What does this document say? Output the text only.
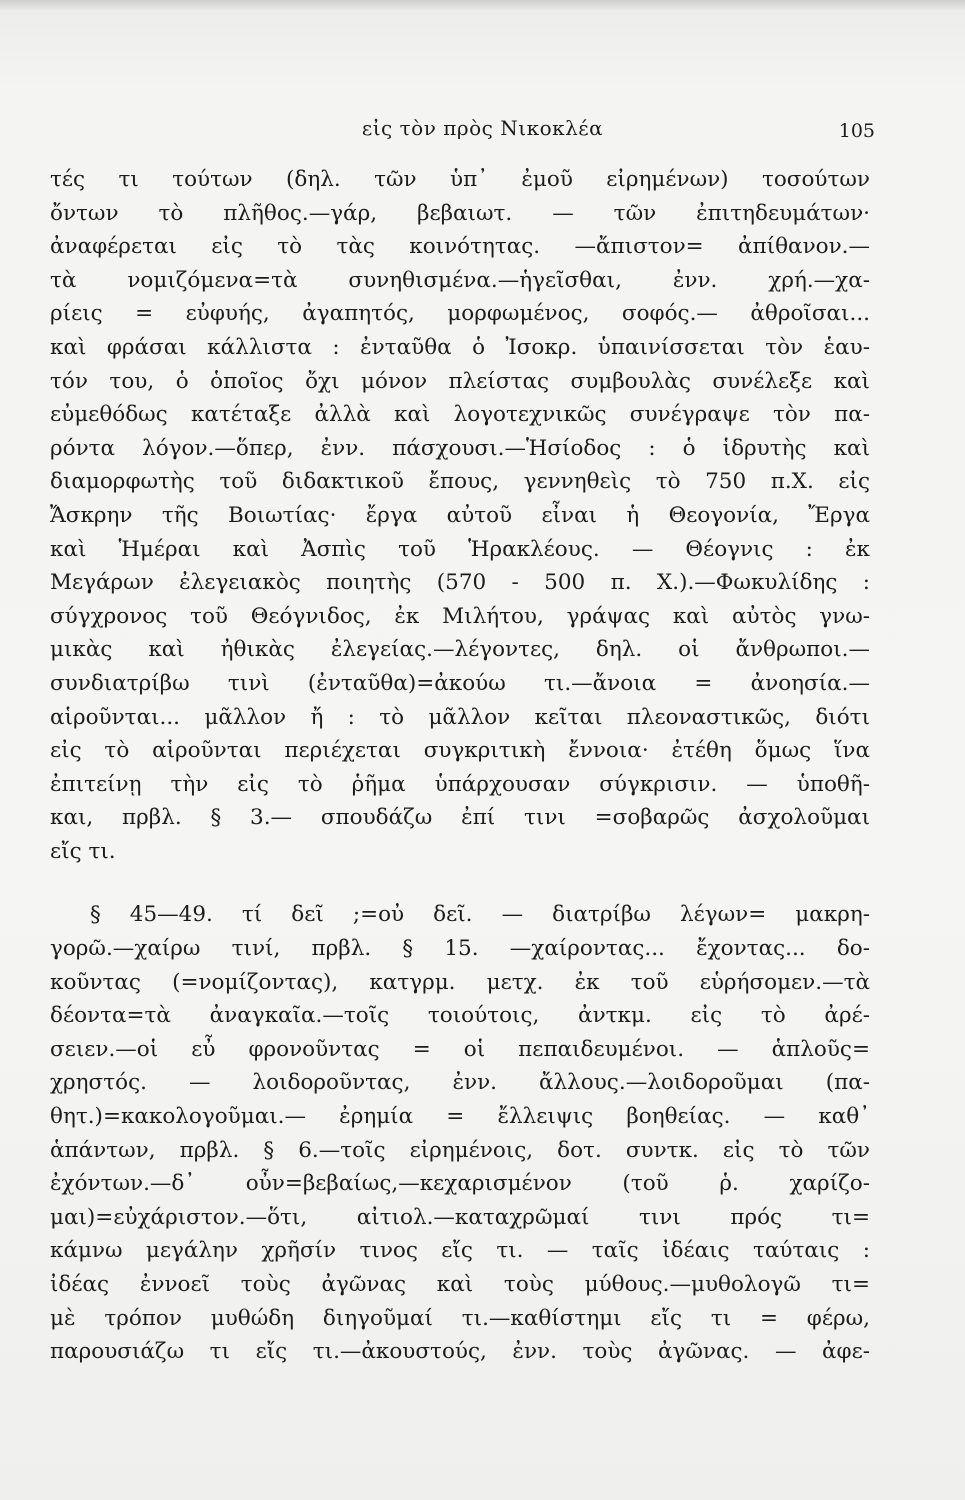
εἰς τὸν πρὸς Νικοκλέα	105
τές τι τούτων (δηλ. τῶν ὑπ᾽ ἐμοῦ εἰρημένων) τοσούτων
ὄντων τὸ πλῆθος.—γάρ, βεβαιωτ. — τῶν ἐπιτηδευμάτων·
ἀναφέρεται εἰς τὸ τὰς κοινότητας. —ἄπιστον= ἀπίθανον.—
τὰ νομιζόμενα=τὰ συνηθισμένα.—ἡγεῖσθαι, ἐνν. χρή.—χα-
ρίεις = εὐφυής, ἀγαπητός, μορφωμένος, σοφός.— ἀθροῖσαι...
καὶ φράσαι κάλλιστα : ἐνταῦθα ὁ Ἰσοκρ. ὑπαινίσσεται τὸν ἑαυ-
τόν του, ὁ ὁποῖος ὄχι μόνον πλείστας συμβουλὰς συνέλεξε καὶ
εὐμεθόδως κατέταξε ἀλλὰ καὶ λογοτεχνικῶς συνέγραψε τὸν πα-
ρόντα λόγον.—ὅπερ, ἐνν. πάσχουσι.—Ἡσίοδος : ὁ ἱδρυτὴς καὶ
διαμορφωτὴς τοῦ διδακτικοῦ ἔπους, γεννηθεὶς τὸ 750 π.Χ. εἰς
Ἄσκρην τῆς Βοιωτίας· ἔργα αὐτοῦ εἶναι ἡ Θεογονία, Ἔργα
καὶ Ἡμέραι καὶ Ἀσπὶς τοῦ Ἡρακλέους. — Θέογνις : ἐκ
Μεγάρων ἐλεγειακὸς ποιητὴς (570 - 500 π. Χ.).—Φωκυλίδης :
σύγχρονος τοῦ Θεόγνιδος, ἐκ Μιλήτου, γράψας καὶ αὐτὸς γνω-
μικὰς καὶ ἠθικὰς ἐλεγείας.—λέγοντες, δηλ. οἱ ἄνθρωποι.—
συνδιατρίβω τινὶ (ἐνταῦθα)=ἀκούω τι.—ἄνοια = ἀνοησία.—
αἱροῦνται... μᾶλλον ἤ : τὸ μᾶλλον κεῖται πλεοναστικῶς, διότι
εἰς τὸ αἱροῦνται περιέχεται συγκριτικὴ ἔννοια· ἐτέθη ὅμως ἵνα
ἐπιτείνῃ τὴν εἰς τὸ ῥῆμα ὑπάρχουσαν σύγκρισιν. — ὑποθῆ-
και, πρβλ. § 3.— σπουδάζω ἐπί τινι =σοβαρῶς ἀσχολοῦμαι
εἴς τι.
§ 45—49. τί δεῖ ;=οὐ δεῖ. — διατρίβω λέγων= μακρη-
γορῶ.—χαίρω τινί, πρβλ. § 15. —χαίροντας... ἔχοντας... δο-
κοῦντας (=νομίζοντας), κατγρμ. μετχ. ἐκ τοῦ εὑρήσομεν.—τὰ
δέοντα=τὰ ἀναγκαῖα.—τοῖς τοιούτοις, ἀντκμ. εἰς τὸ ἀρέ-
σειεν.—οἱ εὖ φρονοῦντας = οἱ πεπαιδευμένοι. — ἁπλοῦς=
χρηστός. — λοιδοροῦντας, ἐνν. ἄλλους.—λοιδοροῦμαι (πα-
θητ.)=κακολογοῦμαι.— ἐρημία = ἔλλειψις βοηθείας. — καθ᾽
ἁπάντων, πρβλ. § 6.—τοῖς εἰρημένοις, δοτ. συντκ. εἰς τὸ τῶν
ἐχόντων.—δ᾽ οὖν=βεβαίως,—κεχαρισμένον (τοῦ ῥ. χαρίζο-
μαι)=εὐχάριστον.—ὅτι, αἰτιολ.—καταχρῶμαί τινι πρός τι=
κάμνω μεγάλην χρῆσίν τινος εἴς τι. — ταῖς ἰδέαις ταύταις :
ἰδέας ἐννοεῖ τοὺς ἀγῶνας καὶ τοὺς μύθους.—μυθολογῶ τι=
μὲ τρόπον μυθώδη διηγοῦμαί τι.—καθίστημι εἴς τι = φέρω,
παρουσιάζω τι εἴς τι.—ἀκουστούς, ἐνν. τοὺς ἀγῶνας. — ἀφε-
